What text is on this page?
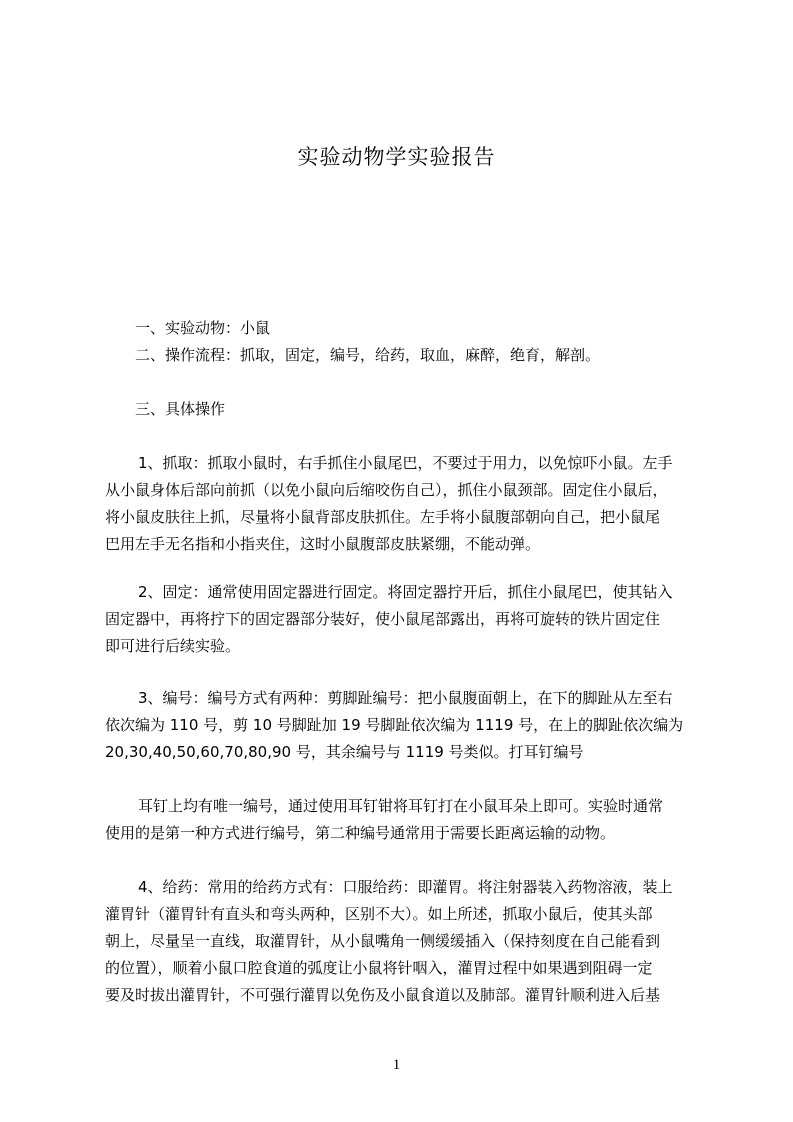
实验动物学实验报告
一、实验动物：小鼠
二、操作流程：抓取，固定，编号，给药，取血，麻醉，绝育，解剖。
三、具体操作
1、抓取：抓取小鼠时，右手抓住小鼠尾巴，不要过于用力，以免惊吓小鼠。左手
从小鼠身体后部向前抓（以免小鼠向后缩咬伤自己），抓住小鼠颈部。固定住小鼠后，
将小鼠皮肤往上抓，尽量将小鼠背部皮肤抓住。左手将小鼠腹部朝向自己，把小鼠尾
巴用左手无名指和小指夹住，这时小鼠腹部皮肤紧绷，不能动弹。
2、固定：通常使用固定器进行固定。将固定器拧开后，抓住小鼠尾巴，使其钻入
固定器中，再将拧下的固定器部分装好，使小鼠尾部露出，再将可旋转的铁片固定住
即可进行后续实验。
3、编号：编号方式有两种：剪脚趾编号：把小鼠腹面朝上，在下的脚趾从左至右
依次编为 110 号，剪 10 号脚趾加 19 号脚趾依次编为 1119 号，在上的脚趾依次编为
20,30,40,50,60,70,80,90 号，其余编号与 1119 号类似。打耳钉编号
耳钉上均有唯一编号，通过使用耳钉钳将耳钉打在小鼠耳朵上即可。实验时通常
使用的是第一种方式进行编号，第二种编号通常用于需要长距离运输的动物。
4、给药：常用的给药方式有：口服给药：即灌胃。将注射器装入药物溶液，装上
灌胃针（灌胃针有直头和弯头两种，区别不大）。如上所述，抓取小鼠后，使其头部
朝上，尽量呈一直线，取灌胃针，从小鼠嘴角一侧缓缓插入（保持刻度在自己能看到
的位置），顺着小鼠口腔食道的弧度让小鼠将针咽入，灌胃过程中如果遇到阻碍一定
要及时拔出灌胃针，不可强行灌胃以免伤及小鼠食道以及肺部。灌胃针顺利进入后基
1
